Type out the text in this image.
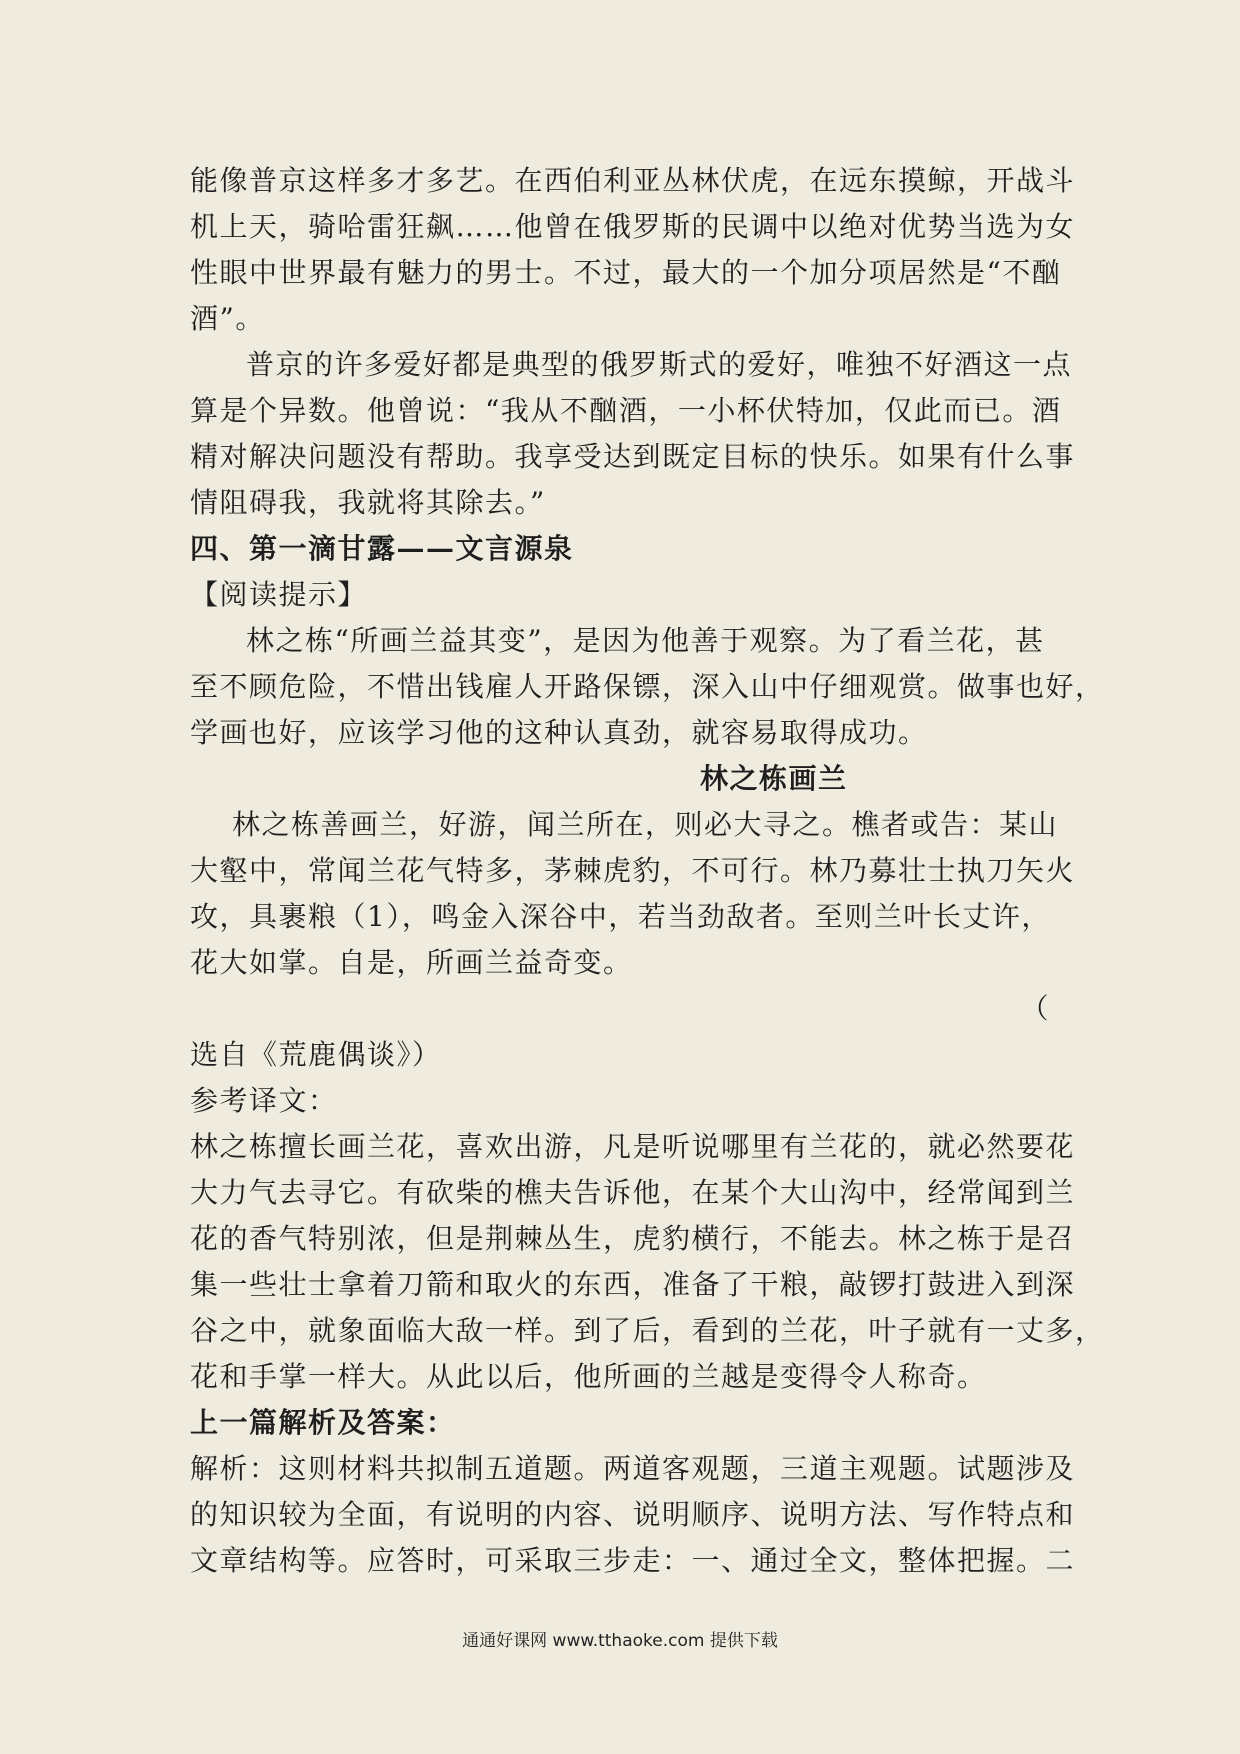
能像普京这样多才多艺。在西伯利亚丛林伏虎，在远东摸鲸，开战斗
机上天，骑哈雷狂飙……他曾在俄罗斯的民调中以绝对优势当选为女
性眼中世界最有魅力的男士。不过，最大的一个加分项居然是“不酗
酒”。
普京的许多爱好都是典型的俄罗斯式的爱好，唯独不好酒这一点
算是个异数。他曾说：“我从不酗酒，一小杯伏特加，仅此而已。酒
精对解决问题没有帮助。我享受达到既定目标的快乐。如果有什么事
情阻碍我，我就将其除去。”
四、第一滴甘露——文言源泉
【阅读提示】
林之栋“所画兰益其变”，是因为他善于观察。为了看兰花，甚
至不顾危险，不惜出钱雇人开路保镖，深入山中仔细观赏。做事也好，
学画也好，应该学习他的这种认真劲，就容易取得成功。
林之栋画兰
林之栋善画兰，好游，闻兰所在，则必大寻之。樵者或告：某山
大壑中，常闻兰花气特多，茅棘虎豹，不可行。林乃募壮士执刀矢火
攻，具裹粮（1），鸣金入深谷中，若当劲敌者。至则兰叶长丈许，
花大如掌。自是，所画兰益奇变。
（
选自《荒鹿偶谈》）
参考译文：
林之栋擅长画兰花，喜欢出游，凡是听说哪里有兰花的，就必然要花
大力气去寻它。有砍柴的樵夫告诉他，在某个大山沟中，经常闻到兰
花的香气特别浓，但是荆棘丛生，虎豹横行，不能去。林之栋于是召
集一些壮士拿着刀箭和取火的东西，准备了干粮，敲锣打鼓进入到深
谷之中，就象面临大敌一样。到了后，看到的兰花，叶子就有一丈多，
花和手掌一样大。从此以后，他所画的兰越是变得令人称奇。
上一篇解析及答案：
解析：这则材料共拟制五道题。两道客观题，三道主观题。试题涉及
的知识较为全面，有说明的内容、说明顺序、说明方法、写作特点和
文章结构等。应答时，可采取三步走：一、通过全文，整体把握。二
通通好课网 www.tthaoke.com 提供下载
